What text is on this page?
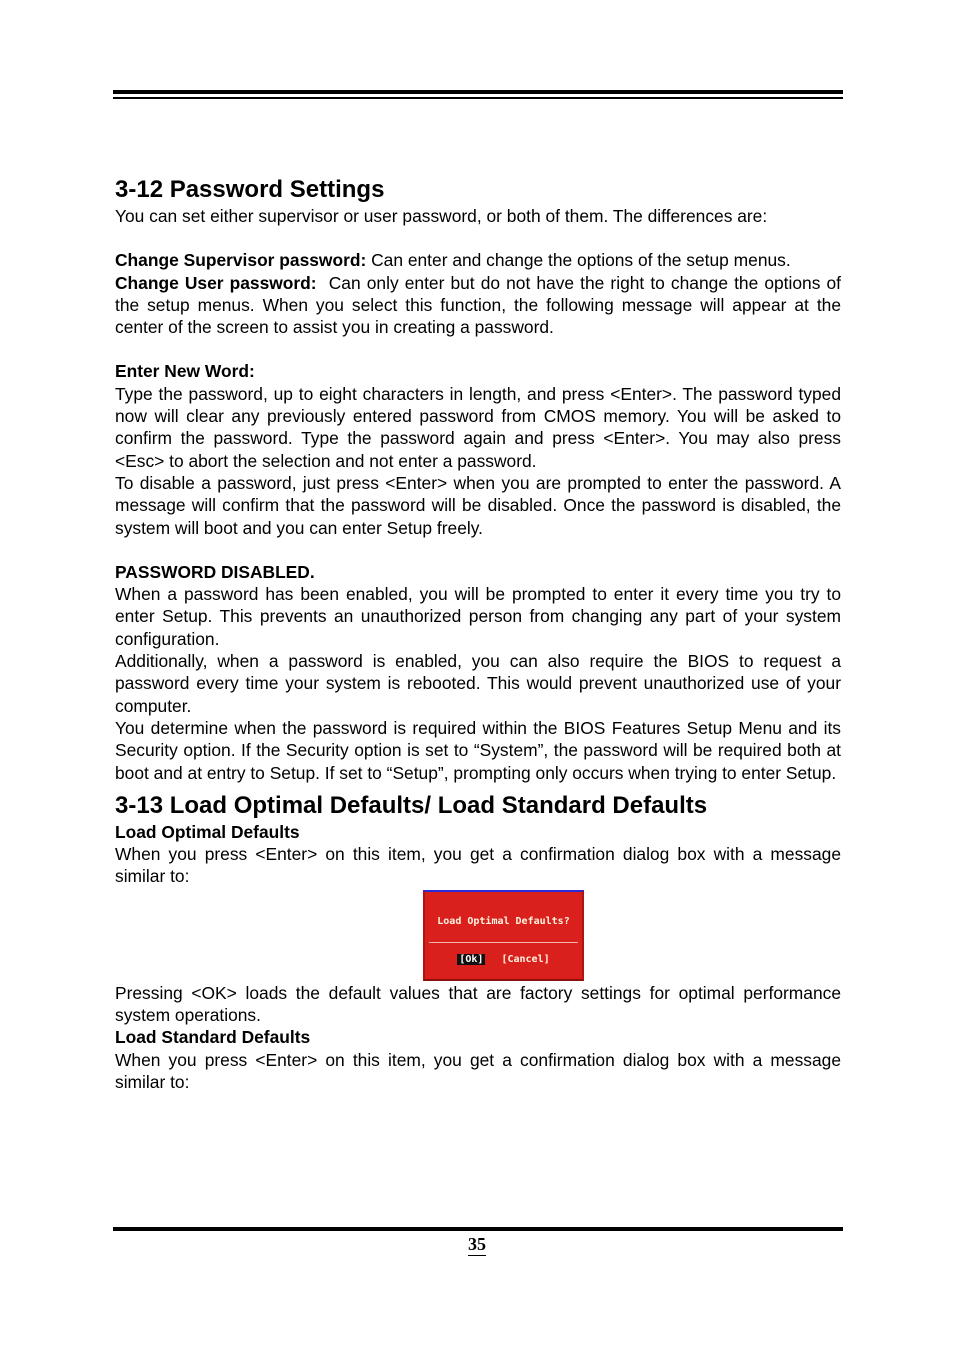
3-12 Password Settings

You can set either supervisor or user password, or both of them. The differences are:

Change Supervisor password: Can enter and change the options of the setup menus.

Change User password: Can only enter but do not have the right to change the options of the setup menus. When you select this function, the following message will appear at the center of the screen to assist you in creating a password.

Enter New Word:

Type the password, up to eight characters in length, and press <Enter>. The password typed now will clear any previously entered password from CMOS memory. You will be asked to confirm the password. Type the password again and press <Enter>. You may also press <Esc> to abort the selection and not enter a password.

To disable a password, just press <Enter> when you are prompted to enter the password. A message will confirm that the password will be disabled. Once the password is disabled, the system will boot and you can enter Setup freely.

PASSWORD DISABLED.

When a password has been enabled, you will be prompted to enter it every time you try to enter Setup. This prevents an unauthorized person from changing any part of your system configuration.

Additionally, when a password is enabled, you can also require the BIOS to request a password every time your system is rebooted. This would prevent unauthorized use of your computer.

You determine when the password is required within the BIOS Features Setup Menu and its Security option. If the Security option is set to “System”, the password will be required both at boot and at entry to Setup. If set to “Setup”, prompting only occurs when trying to enter Setup.

3-13 Load Optimal Defaults/ Load Standard Defaults
Load Optimal Defaults

When you press <Enter> on this item, you get a confirmation dialog box with a message similar to:

Load Optimal Defaults?
[Ok] [Cancel]

Pressing <OK> loads the default values that are factory settings for optimal performance system operations.

Load Standard Defaults

When you press <Enter> on this item, you get a confirmation dialog box with a message similar to:

35
